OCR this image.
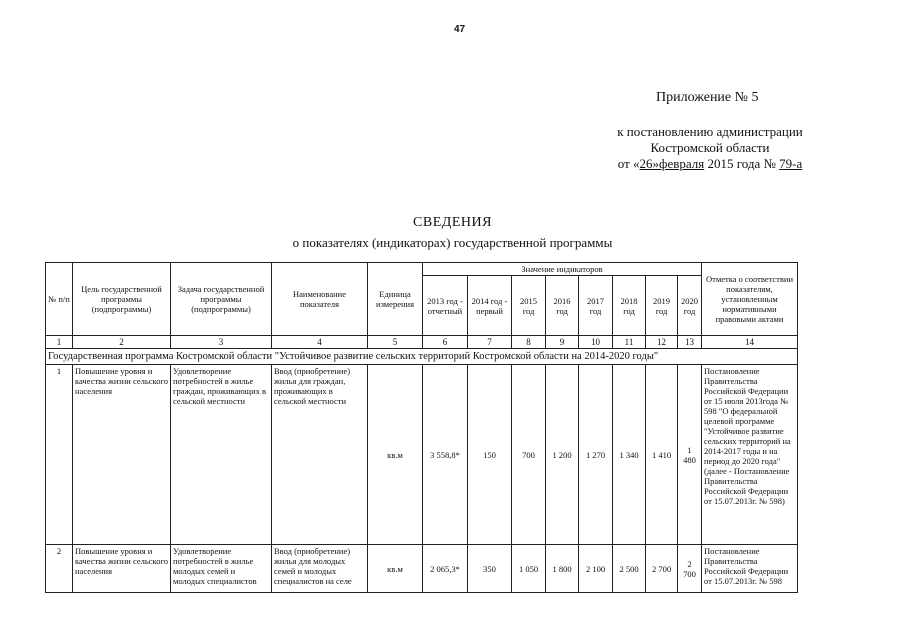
47
Приложение № 5
к постановлению администрации
Костромской области
от «26»февраля 2015 года № 79-а
СВЕДЕНИЯ
о показателях (индикаторах) государственной программы
№ п/п	Цель государственной программы (подпрограммы)	Задача государственной программы (подпрограммы)	Наименование показателя	Единица измерения	Значение индикаторов								Отметка о соответствии показателям, установленным нормативными правовыми актами
					2013 год - отчетный	2014 год - первый	2015 год	2016 год	2017 год	2018 год	2019 год	2020 год	
1	2	3	4	5	6	7	8	9	10	11	12	13	14
Государственная программа Костромской области "Устойчивое развитие сельских территорий Костромской области на 2014-2020 годы"													
1	Повышение уровня и качества жизни сельского населения	Удовлетворение потребностей в жилье граждан, проживающих в сельской местности	Ввод (приобретение) жилья для граждан, проживающих в сельской местности	кв.м	3 558,8*	150	700	1 200	1 270	1 340	1 410	1 480	Постановление Правительства Российской Федерации от 15 июля 2013года № 598 "О федеральной целевой программе "Устойчивое развитие сельских территорий на 2014-2017 годы и на период до 2020 года" (далее - Постановление Правительства Российской Федерации от 15.07.2013г. № 598)
2	Повышение уровня и качества жизни сельского населения	Удовлетворение потребностей в жилье молодых семей и молодых специалистов	Ввод (приобретение) жилья для молодых семей и молодых специалистов на селе	кв.м	2 065,3*	350	1 050	1 800	2 100	2 500	2 700	2 700	Постановление Правительства Российской Федерации от 15.07.2013г. № 598
